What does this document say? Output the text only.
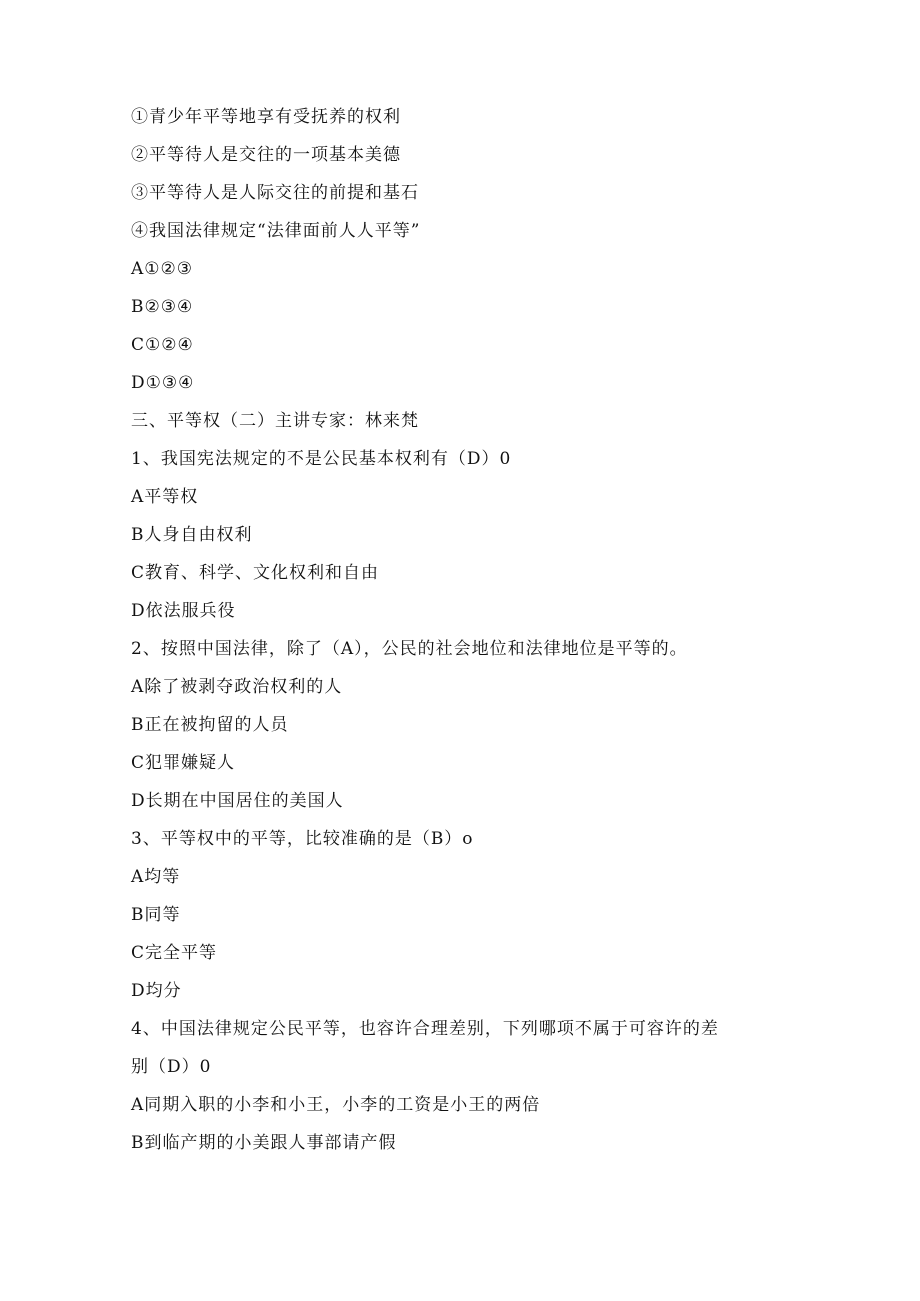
①青少年平等地享有受抚养的权利
②平等待人是交往的一项基本美德
③平等待人是人际交往的前提和基石
④我国法律规定“法律面前人人平等”
A①②③
B②③④
C①②④
D①③④
三、平等权（二）主讲专家：林来梵
1、我国宪法规定的不是公民基本权利有（D）0
A平等权
B人身自由权利
C教育、科学、文化权利和自由
D依法服兵役
2、按照中国法律，除了（A），公民的社会地位和法律地位是平等的。
A除了被剥夺政治权利的人
B正在被拘留的人员
C犯罪嫌疑人
D长期在中国居住的美国人
3、平等权中的平等，比较准确的是（B）o
A均等
B同等
C完全平等
D均分
4、中国法律规定公民平等，也容许合理差别，下列哪项不属于可容许的差
别（D）0
A同期入职的小李和小王，小李的工资是小王的两倍
B到临产期的小美跟人事部请产假
